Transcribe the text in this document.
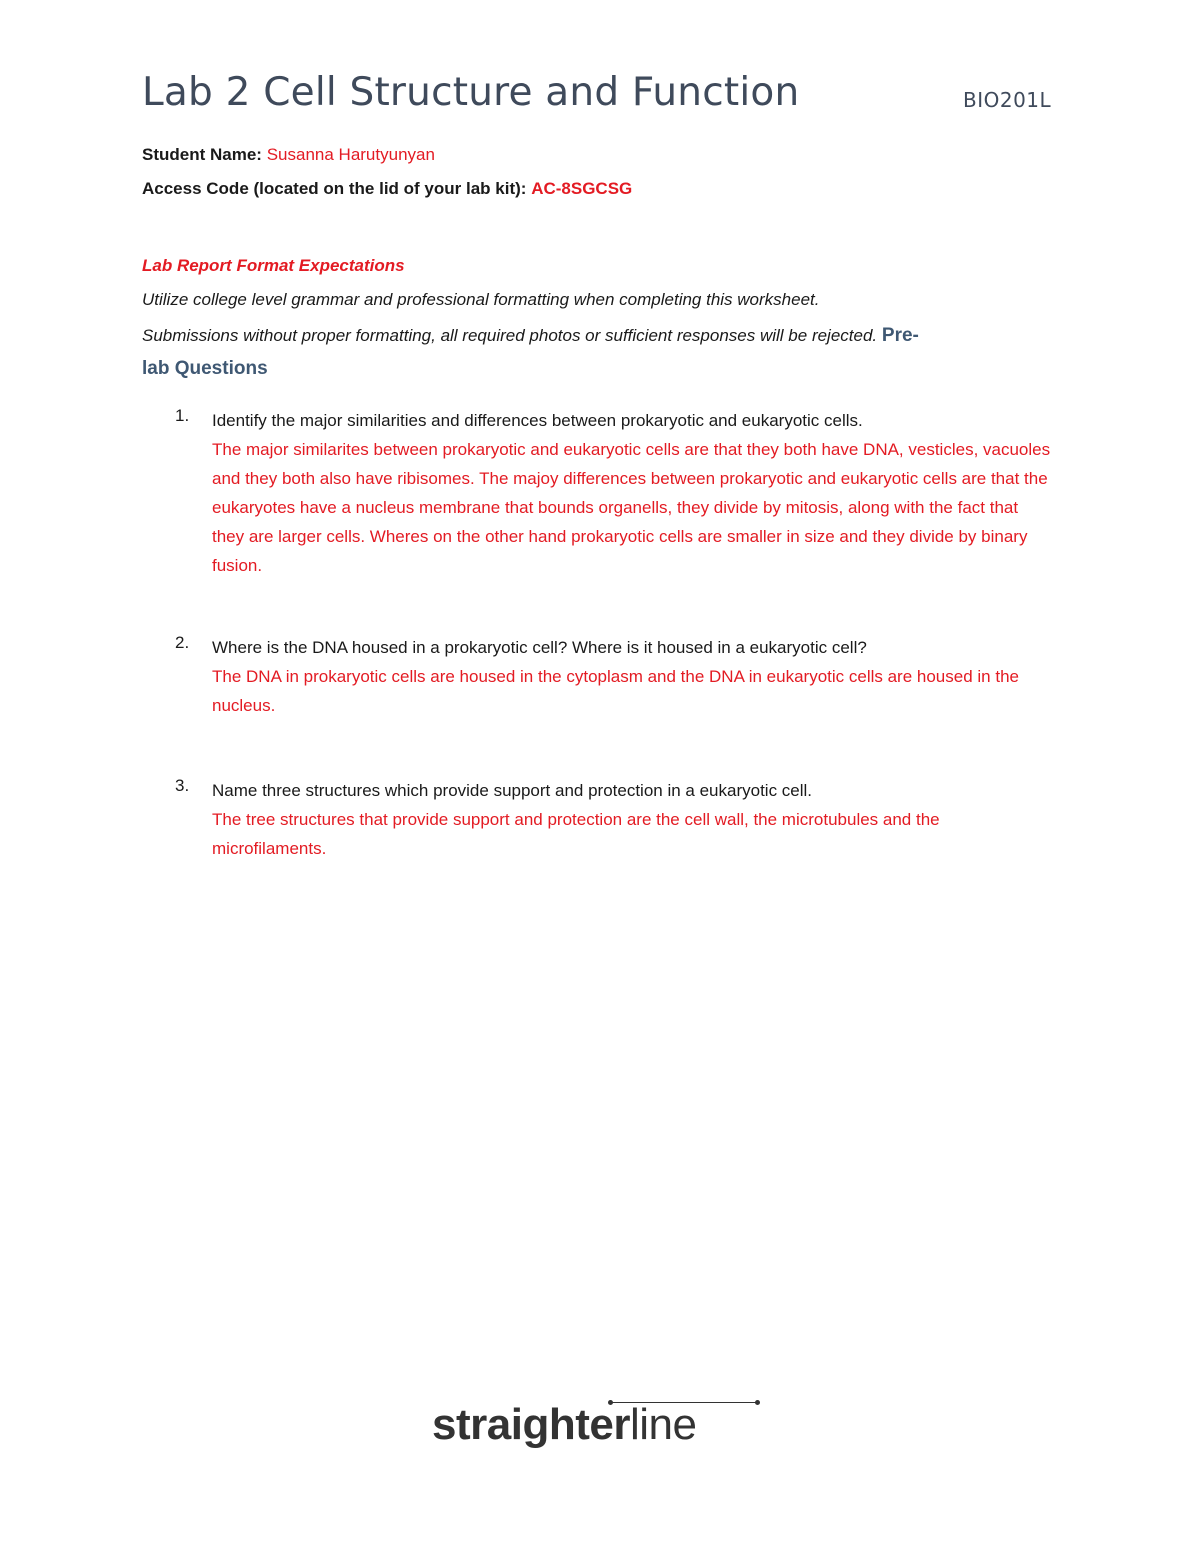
Lab 2 Cell Structure and Function	BIO201L
Student Name: Susanna Harutyunyan
Access Code (located on the lid of your lab kit): AC-8SGCSG
Lab Report Format Expectations
Utilize college level grammar and professional formatting when completing this worksheet.
Submissions without proper formatting, all required photos or sufficient responses will be rejected. Pre-
lab Questions
1. Identify the major similarities and differences between prokaryotic and eukaryotic cells.
The major similarites between prokaryotic and eukaryotic cells are that they both have DNA, vesticles, vacuoles and they both also have ribisomes. The majoy differences between prokaryotic and eukaryotic cells are that the eukaryotes have a nucleus membrane that bounds organells, they divide by mitosis, along with the fact that they are larger cells. Wheres on the other hand prokaryotic cells are smaller in size and they divide by binary fusion.
2. Where is the DNA housed in a prokaryotic cell? Where is it housed in a eukaryotic cell?
The DNA in prokaryotic cells are housed in the cytoplasm and the DNA in eukaryotic cells are housed in the nucleus.
3. Name three structures which provide support and protection in a eukaryotic cell.
The tree structures that provide support and protection are the cell wall, the microtubules and the microfilaments.
straighterline
